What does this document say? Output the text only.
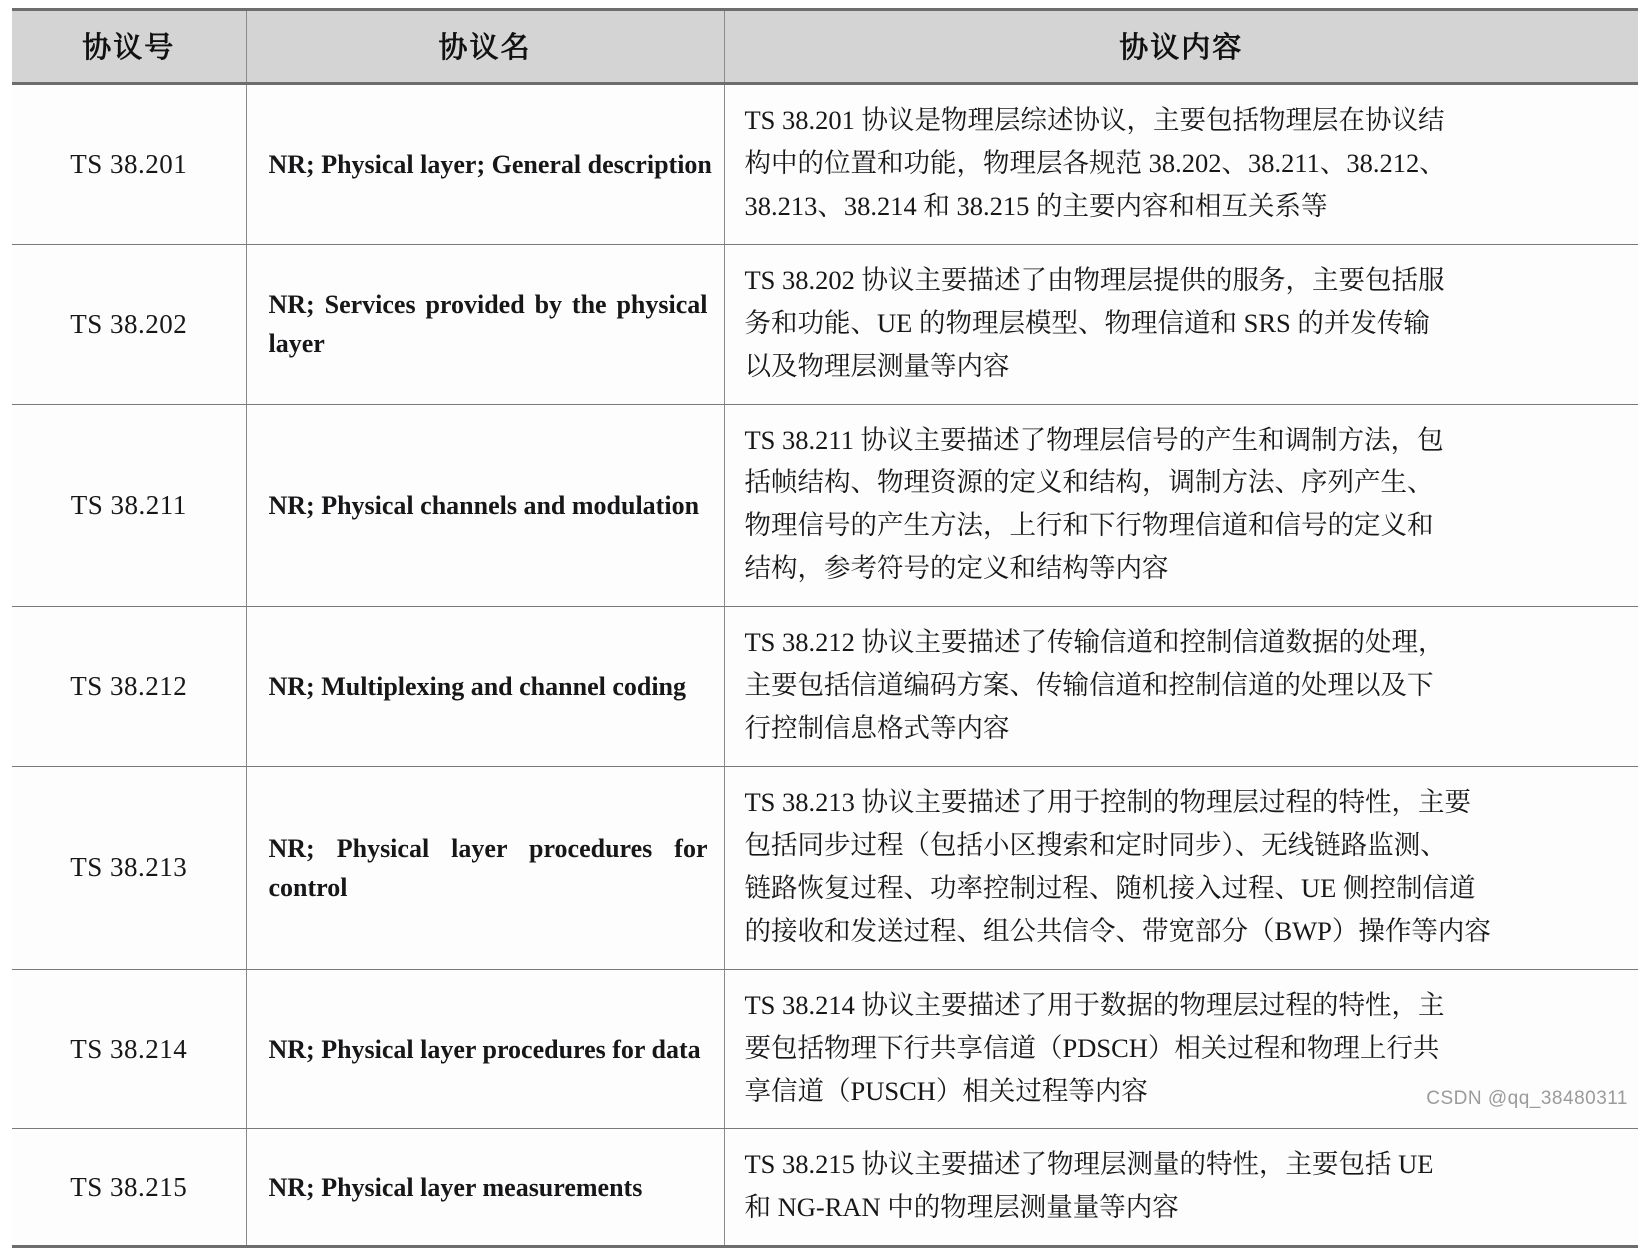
协议号	协议名	协议内容
TS 38.201	NR; Physical layer; General description	TS 38.201 协议是物理层综述协议，主要包括物理层在协议结
构中的位置和功能，物理层各规范 38.202、38.211、38.212、
38.213、38.214 和 38.215 的主要内容和相互关系等

TS 38.202	NR; Services provided by the physical layer	TS 38.202 协议主要描述了由物理层提供的服务，主要包括服
务和功能、UE 的物理层模型、物理信道和 SRS 的并发传输
以及物理层测量等内容

TS 38.211	NR; Physical channels and modulation	TS 38.211 协议主要描述了物理层信号的产生和调制方法，包
括帧结构、物理资源的定义和结构，调制方法、序列产生、
物理信号的产生方法，上行和下行物理信道和信号的定义和
结构，参考符号的定义和结构等内容

TS 38.212	NR; Multiplexing and channel coding	TS 38.212 协议主要描述了传输信道和控制信道数据的处理，
主要包括信道编码方案、传输信道和控制信道的处理以及下
行控制信息格式等内容

TS 38.213	NR; Physical layer procedures for control	TS 38.213 协议主要描述了用于控制的物理层过程的特性，主要
包括同步过程（包括小区搜索和定时同步）、无线链路监测、
链路恢复过程、功率控制过程、随机接入过程、UE 侧控制信道
的接收和发送过程、组公共信令、带宽部分（BWP）操作等内容

TS 38.214	NR; Physical layer procedures for data	TS 38.214 协议主要描述了用于数据的物理层过程的特性，主
要包括物理下行共享信道（PDSCH）相关过程和物理上行共
享信道（PUSCH）相关过程等内容

TS 38.215	NR; Physical layer measurements	TS 38.215 协议主要描述了物理层测量的特性，主要包括 UE
和 NG-RAN 中的物理层测量量等内容
CSDN @qq_38480311
